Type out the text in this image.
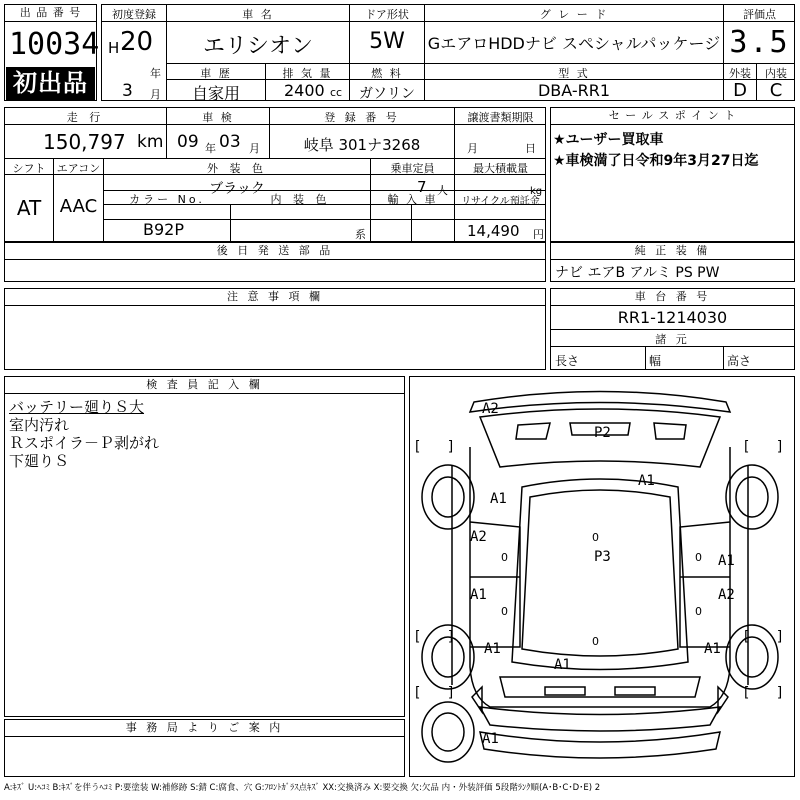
出 品 番 号
10034
初出品
初度登録
H 20
年
3 月
車 名
エリシオン
ドア形状
5W
グ レ ー ド
GエアロHDDナビ スペシャルパッケージ
評価点
3.5
外装	内装
D	C
車 歴
自家用
排 気 量
2400 cc
燃 料
ガソリン
型 式
DBA-RR1
走 行
150,797 km
車 検
09 年 03 月
登 録 番 号
岐阜 301ナ3268
譲渡書類期限
月	日
シフト
AT
エアコン
AAC
外 装 色
ブラック
乗車定員
7 人
最大積載量
kg
カラー No.
B92P
内 装 色
系
輸 入 車	リサイクル預託金
14,490 円
セ ー ル ス ポ イ ン ト
★ユーザー買取車
★車検満了日令和9年3月27日迄
後 日 発 送 部 品	純 正 装 備
ナビ エアB アルミ PS PW
注 意 事 項 欄	車 台 番 号
RR1-1214030
諸 元
長さ	幅	高さ
検 査 員 記 入 欄
バッテリー廻りＳ大
室内汚れ
Ｒスポイラ－Ｐ剥がれ
下廻りＳ
事 務 局 よ り ご 案 内
[ ]	[ ]
[ ]	[ ]
[ ]	[ ]
A2
P2
A1
A1
A2
P3	A1
A1	A2
A1	A1
A1
A1
0
0
0
0
0
0
A:ｷｽﾞ U:ﾍｺﾐ B:ｷｽﾞを伴うﾍｺﾐ P:要塗装 W:補修跡 S:錆 C:腐食、穴 G:ﾌﾛﾝﾄｶﾞﾗｽ点ｷｽﾞ XX:交換済み X:要交換 欠:欠品 内・外装評価 5段階ﾗﾝｸ順(A･B･C･D･E) 2
